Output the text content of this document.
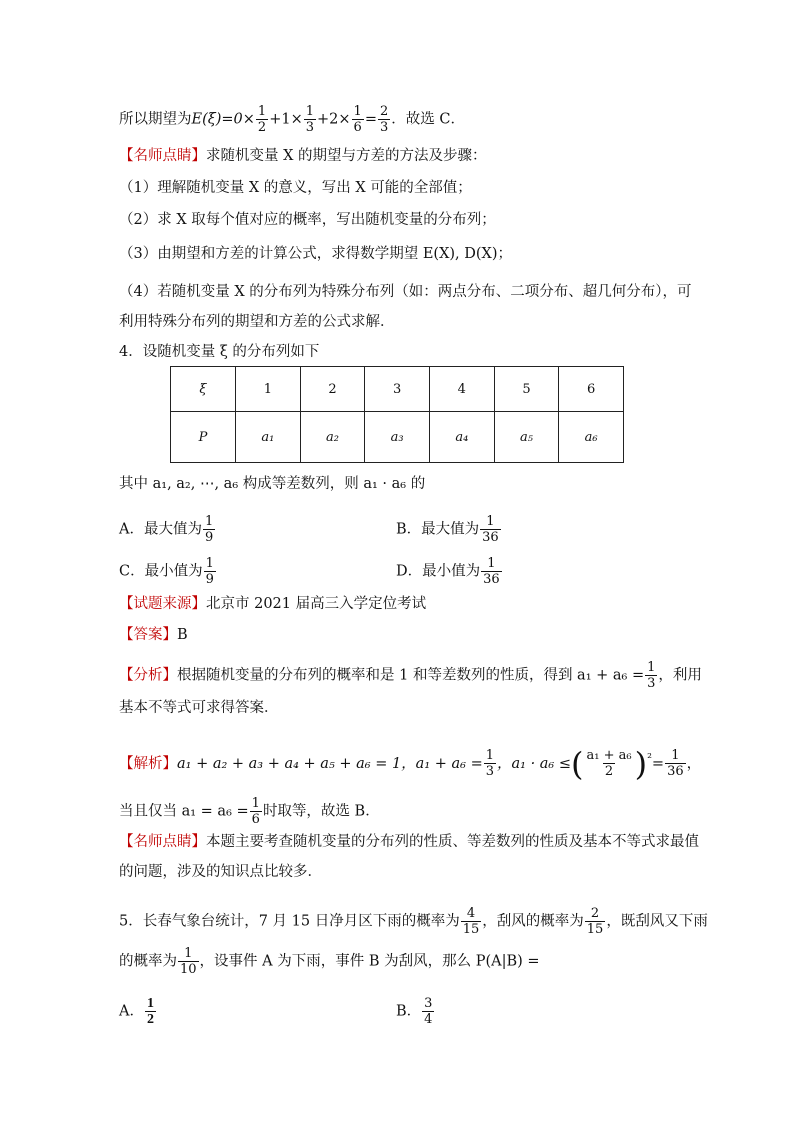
所以期望为$E(\xi)=0\times \frac{1}{2} +1\times \frac{1}{3} +2\times \frac{1}{6} = \frac{2}{3}$ ．故选 C．
【名师点睛】求随机变量 X 的期望与方差的方法及步骤：
（1）理解随机变量 X 的意义，写出 X 可能的全部值；
（2）求 X 取每个值对应的概率，写出随机变量的分布列；
（3）由期望和方差的计算公式，求得数学期望 E(X), D(X)；
（4）若随机变量 X 的分布列为特殊分布列（如：两点分布、二项分布、超几何分布），可
利用特殊分布列的期望和方差的公式求解．
4．设随机变量 ξ 的分布列如下
ξ	1	2	3	4	5	6
P	a₁	a₂	a₃	a₄	a₅	a₆
其中 a₁, a₂, ⋯, a₆ 构成等差数列，则 a₁ · a₆ 的
A．最大值为 $\frac{1}{9}$	B．最大值为 $\frac{1}{36}$
C．最小值为 $\frac{1}{9}$	D．最小值为 $\frac{1}{36}$
【试题来源】北京市 2021 届高三入学定位考试
【答案】B
【分析】根据随机变量的分布列的概率和是 1 和等差数列的性质，得到 $a_1 + a_6 = \frac{1}{3}$ ，利用
基本不等式可求得答案．
【解析】a₁ + a₂ + a₃ + a₄ + a₅ + a₆ = 1，$a_1 + a_6 = \frac{1}{3}$ ，a₁ · a₆ ≤( $\frac{\text{a₁ + a₆}}{2} )^{^2}= \frac{1}{36}$ ，
当且仅当 $a_1 = a_6 = \frac{1}{6}$ 时取等，故选 B．
【名师点睛】本题主要考查随机变量的分布列的性质、等差数列的性质及基本不等式求最值
的问题，涉及的知识点比较多．
5．长春气象台统计，7 月 15 日净月区下雨的概率为 $\frac{4}{15}$ ，刮风的概率为 $\frac{2}{15}$ ，既刮风又下雨
的概率为 $\frac{1}{10}$ ，设事件 A 为下雨，事件 B 为刮风，那么 P(A|B) =
A． $\frac{1}{2}$	B． $\frac{3}{4}$
